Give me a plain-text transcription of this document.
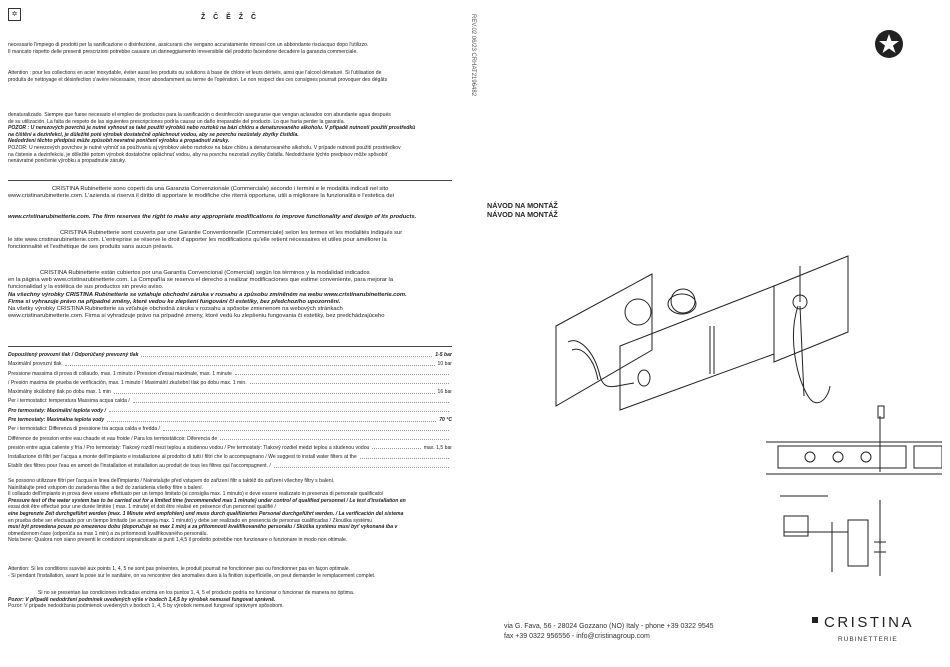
✡	Ž Č Ě Ž Č

necessario l'impiego di prodotti per la sanificazione o disinfezione, assicurarsi che vengano accuratamente rimossi con un abbondante risciacquo dopo l'utilizzo.

Il mancato rispetto delle presenti prescrizioni potrebbe causare un danneggiamento irreversibile del prodotto facendone decadere la garanzia commerciale.

Attention : pour les collections en acier inoxydable, éviter aussi les produits ou solutions à base de chlore et leurs dérivés, ainsi que l'alcool dénaturé. Si l'utilisation de

produits de nettoyage et désinfection s'avère nécessaire, rincer abondamment au terme de l'opération. Le non respect des ces consignes pourrait provoquer des dégâts

denaturalizado. Siempre que fuese necesario el empleo de productos para la sanificación o desinfección asegurarse que vengan aclarados con abundante agua después

de su utilización. La falta de respeto de las siguientes prescripciones podría causar un daño irreparable del producto. Lo que haría perder la garantía.

POZOR : U nerezových povrchů je nutné vyhnout se také použití výrobků nebo roztoků na bázi chlóru a denaturovaného alkoholu. V případě nutnosti použití prostředků

na čištění a dezinfekci, je důležité poté výrobek dostatečně opláchnout vodou, aby se povrchu nezůstaly zbytky čistidla.

Nedodržení těchto předpisů může způsobit nevratné poničení výrobku a propadnutí záruky.

POZOR: U nerezových povrchov je nutné vyhnúť sa používaniu aj výrobkov alebo roztokov na báze chlóru a denaturovaného alkoholu. V prípade nutnosti použití prostriedkov

na čistenie a dezinfekciu, je dôležité potom výrobok dostatočne opláchnuť vodou, aby na povrchu nezostali zvyšky čistidla. Nedodržanie týchto predpisov môže spôsobiť

nenávratné poničenie výrobku a propadnutie záruky.

CRISTINA Rubinetterie sono coperti da una Garanzia Convenzionale (Commerciale) secondo i termini e le modalità indicati nel sito

www.cristinarubinetterie.com. L'azienda si riserva il diritto di apportare le modifiche che riterrà opportune, utili a migliorare la funzionalità e l'estetica dei

www.cristinarubinetterie.com. The firm reserves the right to make any appropriate modifications to improve functionality and design of its products.

CRISTINA Rubinetterie sont couverts par une Garantie Conventionnelle (Commerciale) selon les termes et les modalités indiqués sur

le site www.cristinarubinetterie.com. L'entreprise se réserve le droit d'apporter les modifications qu'elle retient nécessaires et utiles pour améliorer la

fonctionnalité et l'esthétique de ses produits sans aucun préavis.

CRISTINA Rubinetterie están cubiertos por una Garantía Convencional (Comercial) según los términos y la modalidad indicados

en la página web www.cristinarubinetterie.com. La Compañía se reserva el derecho a realizar modificaciones que estime conveniente, para mejorar la

funcionalidad y la estética de sus productos sin previo aviso.

Na všechny výrobky CRISTINA Rubinetterie se vztahuje obchodní záruka v rozsahu a způsobu zmíněném na webu www.cristinarubinetterie.com.

Firma si vyhrazuje právo na případné změny, které vedou ke zlepšení fungování či estetiky, bez předchozího upozornění.

Na všetky výrobky CRISTINA Rubinetterie sa vzťahuje obchodná záruka v rozsahu a spôsobe zmienenom na webových stránkach

www.cristinarubinetterie.com. Firma si vyhradzuje právo na prípadné zmeny, ktoré vedú ku zlepšeniu fungovania či estetiky, bez predchádzajúceho

Dopouštený provozní tlak / Odporúčaný prevozný tlak	1-5 bar
Maximální provozní tlak	10 bar
Pressione massima di prova di collaudo, max. 1 minuto / Pression d'essai maximale, max. 1 minute
/ Presión maxima de prueba de verificación, max. 1 minuto / Maximální zkušební tlak po dobu max. 1 min.
Maximálny skúšobný tlak po dobu max. 1 min	16 bar
Per i termostatici: temperatura Massima acqua calda /
Pro termostaty: Maximální teplota vody /
Pre termostaty: Maximálna teplota vody	70 °C
Per i termostatici: Differenza di pressione tra acqua calda e fredda /
Différence de pression entre eau chaude et eau froide / Para los termostáticos: Diferencia de
presión entre agua caliente y fría / Pro termostaty: Tlakový rozdíl mezi teplou a studenou vodou / Pre termostaty: Tlakový rozdiel medzi teplou a studenou vodou	max. 1,5 bar
Installazione di filtri per l'acqua a monte dell'impianto e installazione al prodotto di tutti i filtri che lo accompagnano / We suggest to install water filters at the
Etablir des filtres pour l'eau en amont de l'installation et installation au produit de tous les filtres qui l'accompagnent. /

Se possono utilizzare filtri per l'acqua in linea dell'impianto / Nainstalujte před vstupem do zařízení filtr a taktéž do zařízení všechny filtry s balení.

Nainštalujte pred vstupom do zariadenia filter a tiež do zariadenia všetky filtre s balení.

Il collaudo dell'impianto in prova deve essere effettuato per un tempo limitato (si consiglia max. 1 minuto) e deve essere realizzato in presenza di personale qualificato/

Pressure test of the water system has to be carried out for a limited time (recommended max 1 minute) under control of qualified personnel / Le test d'installation en

essai doit être effectué pour une durée limitée ( max. 1 minute) et doit être réalisé en présence d'un personnel qualifié /

eine begrenzte Zeit durchgeführt werden (max. 1 Minute wird empfohlen) und muss durch qualifiziertes Personal durchgeführt werden. / La verificación del sistema

en prueba debe ser efectuado por un tiempo limitado (se aconseja max. 1 minuto) y debe ser realizado en presencia de personas cualificadas / Zkouška systému

musí být provedena pouze po omezenou dobu (doporučuje se max 1 min) a za přítomnosti kvalifikovaného personálu / Skúška systému musí byť vykonaná iba v

obmedzenom čase (odporúča sa max 1 min) a za prítomnosti kvalifikovaného personálu.

Nota bene: Qualora non siano presenti le condizioni sopraindicate ai punti 1,4,5 il prodotto potrebbe non funzionare o funzionare in modo non ottimale.

Attention: Si les conditions susvisé aux points 1, 4, 5 ne sont pas présentes, le produit pourrait ne fonctionner pas ou fonctionner pas en façon optimale.

- Si pendant l'installation, avant la pose sur le sanitaire, on va rencontrer des anomalies dues à la finition superficielle, on peut demander le remplacement complet.

Si no se presentan las condiciones indicadas encima en los puntos 1, 4, 5 el producto podría no funcionar o funcionar de manera no óptima.

Pozor: V případě nedodržení podmínek uvedených výše v bodech 1,4,5 by výrobek nemusel fungovat správně.

Pozor: V prípade nedodržania podmienok uvedených v bodoch 1, 4, 5 by výrobok nemusel fungovať správnym spôsobom.

REV.02 06/23 CRHAT2196482
NÁVOD NA MONTÁŽ
NÁVOD NA MONTÁŽ
via G. Fava, 56 - 28024 Gozzano (NO) Italy - phone +39 0322 9545
fax +39 0322 956556 - info@cristinagroup.com
CRISTINA
RUBINETTERIE
